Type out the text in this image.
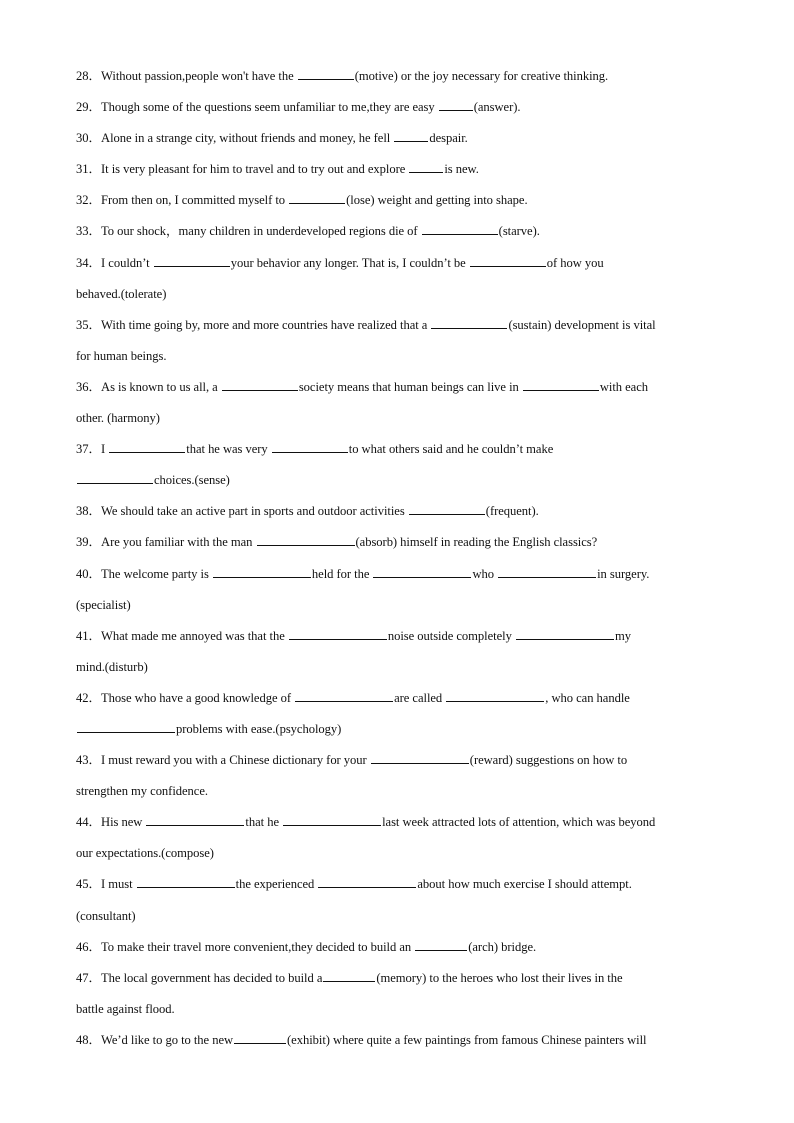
28．Without passion,people won't have the	(motive) or the joy necessary for creative thinking.
29．Though some of the questions seem unfamiliar to me,they are easy	(answer).
30．Alone in a strange city, without friends and money, he fell	despair.
31．It is very pleasant for him to travel and to try out and explore	is new.
32．From then on, I committed myself to	(lose) weight and getting into shape.
33．To our shock，many children in underdeveloped regions die of	(starve).
34．I couldn’t	your behavior any longer. That is, I couldn’t be	of how you
behaved.(tolerate)
35．With time going by, more and more countries have realized that a	(sustain) development is vital
for human beings.
36．As is known to us all, a	society means that human beings can live in	with each
other. (harmony)
37．I	that he was very	to what others said and he couldn’t make
choices.(sense)
38．We should take an active part in sports and outdoor activities	(frequent).
39．Are you familiar with the man	(absorb) himself in reading the English classics?
40．The welcome party is	held for the	who	in surgery.
(specialist)
41．What made me annoyed was that the	noise outside completely	my
mind.(disturb)
42．Those who have a good knowledge of	are called	, who can handle
problems with ease.(psychology)
43．I must reward you with a Chinese dictionary for your	(reward) suggestions on how to
strengthen my confidence.
44．His new	that he	last week attracted lots of attention, which was beyond
our expectations.(compose)
45．I must	the experienced	about how much exercise I should attempt.
(consultant)
46．To make their travel more convenient,they decided to build an	(arch) bridge.
47．The local government has decided to build a	(memory) to the heroes who lost their lives in the
battle against flood.
48．We’d like to go to the new	(exhibit) where quite a few paintings from famous Chinese painters will
